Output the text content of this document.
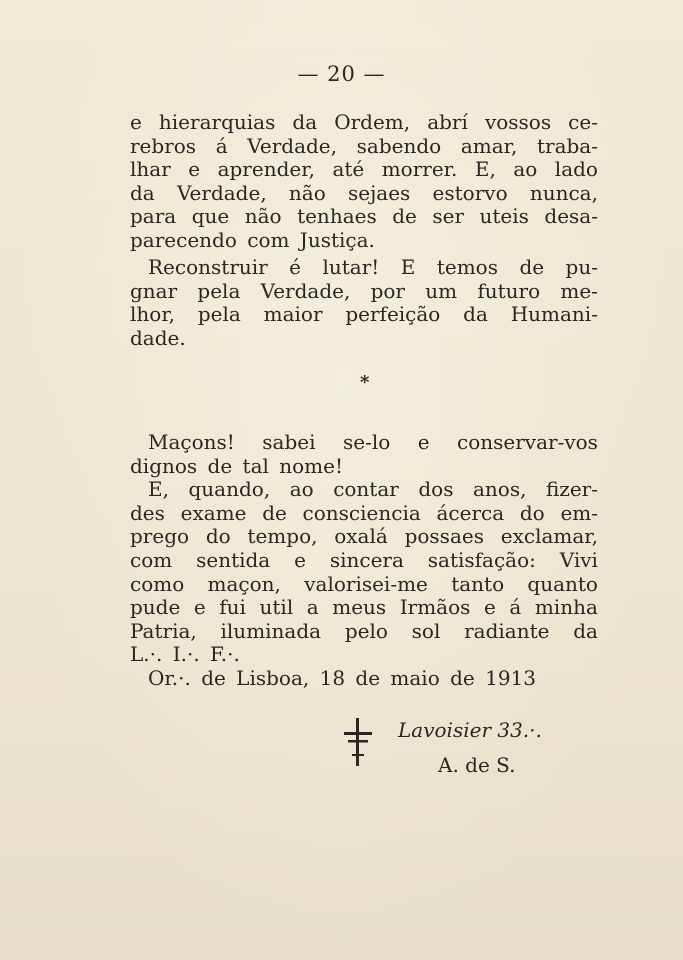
— 20 —
e hierarquias da Ordem, abrí vossos ce-
rebros á Verdade, sabendo amar, traba-
lhar e aprender, até morrer. E, ao lado
da Verdade, não sejaes estorvo nunca,
para que não tenhaes de ser uteis desa-
parecendo com Justiça.
Reconstruir é lutar! E temos de pu-
gnar pela Verdade, por um futuro me-
lhor, pela maior perfeição da Humani-
dade.
*
Maçons! sabei se-lo e conservar-vos
dignos de tal nome!
E, quando, ao contar dos anos, fizer-
des exame de consciencia ácerca do em-
prego do tempo, oxalá possaes exclamar,
com sentida e sincera satisfação: Vivi
como maçon, valorisei-me tanto quanto
pude e fui util a meus Irmãos e á minha
Patria, iluminada pelo sol radiante da
L.·. I.·. F.·.
Or.·. de Lisboa, 18 de maio de 1913
Lavoisier 33.·.
A. de S.
